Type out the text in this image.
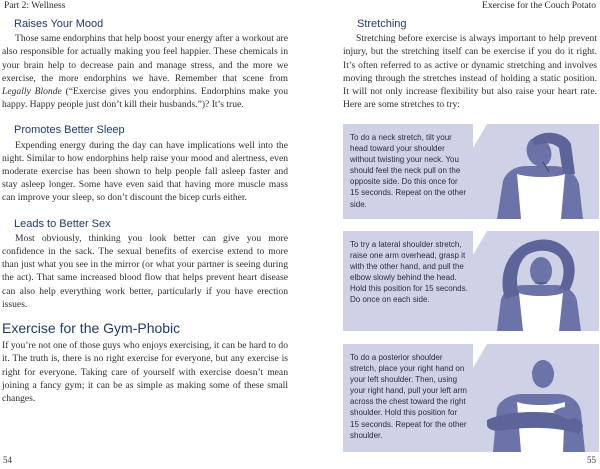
Part 2: Wellness	Exercise for the Couch Potato
Raises Your Mood

Those same endorphins that help boost your energy after a workout are also responsible for actually making you feel happier. These chemicals in your brain help to decrease pain and manage stress, and the more we exercise, the more endorphins we have. Remember that scene from Legally Blonde (“Exercise gives you endorphins. Endorphins make you happy. Happy people just don’t kill their husbands.”)? It’s true.

Promotes Better Sleep

Expending energy during the day can have implications well into the night. Similar to how endorphins help raise your mood and alertness, even moderate exercise has been shown to help people fall asleep faster and stay asleep longer. Some have even said that having more muscle mass can improve your sleep, so don’t discount the bicep curls either.

Leads to Better Sex

Most obviously, thinking you look better can give you more confidence in the sack. The sexual benefits of exercise extend to more than just what you see in the mirror (or what your partner is seeing during the act). That same increased blood flow that helps prevent heart disease can also help everything work better, particularly if you have erection issues.

Exercise for the Gym-Phobic

If you’re not one of those guys who enjoys exercising, it can be hard to do it. The truth is, there is no right exercise for everyone, but any exercise is right for everyone. Taking care of yourself with exercise doesn’t mean joining a fancy gym; it can be as simple as making some of these small changes.

54
Stretching

Stretching before exercise is always important to help prevent injury, but the stretching itself can be exercise if you do it right. It’s often referred to as active or dynamic stretching and involves moving through the stretches instead of holding a static position. It will not only increase flexibility but also raise your heart rate. Here are some stretches to try:

To do a neck stretch, tilt your head toward your shoulder without twisting your neck. You should feel the neck pull on the opposite side. Do this once for 15 seconds. Repeat on the other side.
To try a lateral shoulder stretch, raise one arm overhead, grasp it with the other hand, and pull the elbow slowly behind the head. Hold this position for 15 seconds. Do once on each side.
To do a posterior shoulder stretch, place your right hand on your left shoulder. Then, using your right hand, pull your left arm across the chest toward the right shoulder. Hold this position for 15 seconds. Repeat for the other shoulder.
55
